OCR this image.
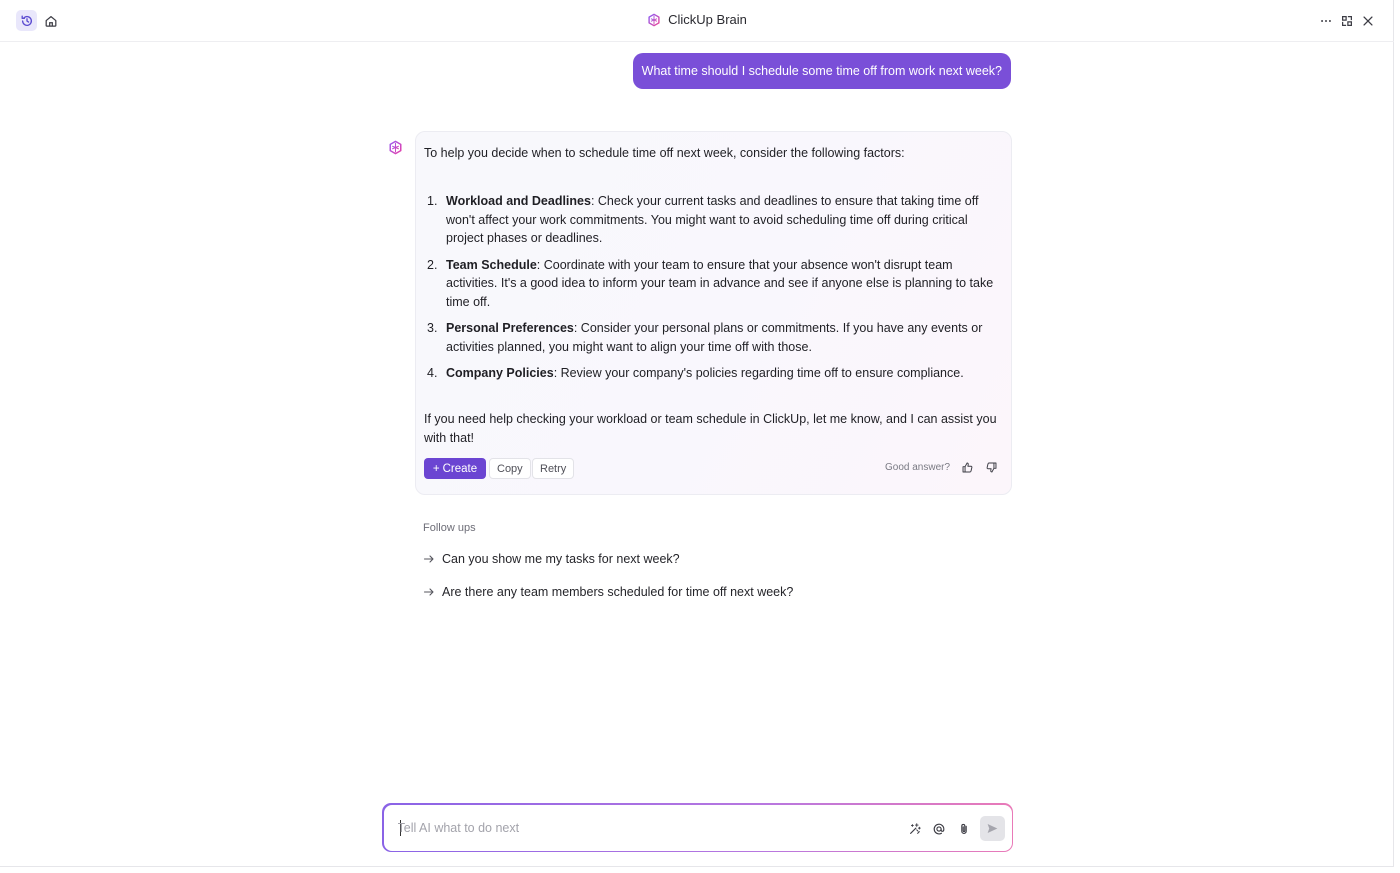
ClickUp Brain
What time should I schedule some time off from work next week?

To help you decide when to schedule time off next week, consider the following factors:

1. Workload and Deadlines: Check your current tasks and deadlines to ensure that taking time off won't affect your work commitments. You might want to avoid scheduling time off during critical project phases or deadlines.
2. Team Schedule: Coordinate with your team to ensure that your absence won't disrupt team activities. It's a good idea to inform your team in advance and see if anyone else is planning to take time off.
3. Personal Preferences: Consider your personal plans or commitments. If you have any events or activities planned, you might want to align your time off with those.
4. Company Policies: Review your company's policies regarding time off to ensure compliance.

If you need help checking your workload or team schedule in ClickUp, let me know, and I can assist you with that!

+ Create	Copy	Retry	Good answer?
Follow ups
Can you show me my tasks for next week?
Are there any team members scheduled for time off next week?
Tell AI what to do next
